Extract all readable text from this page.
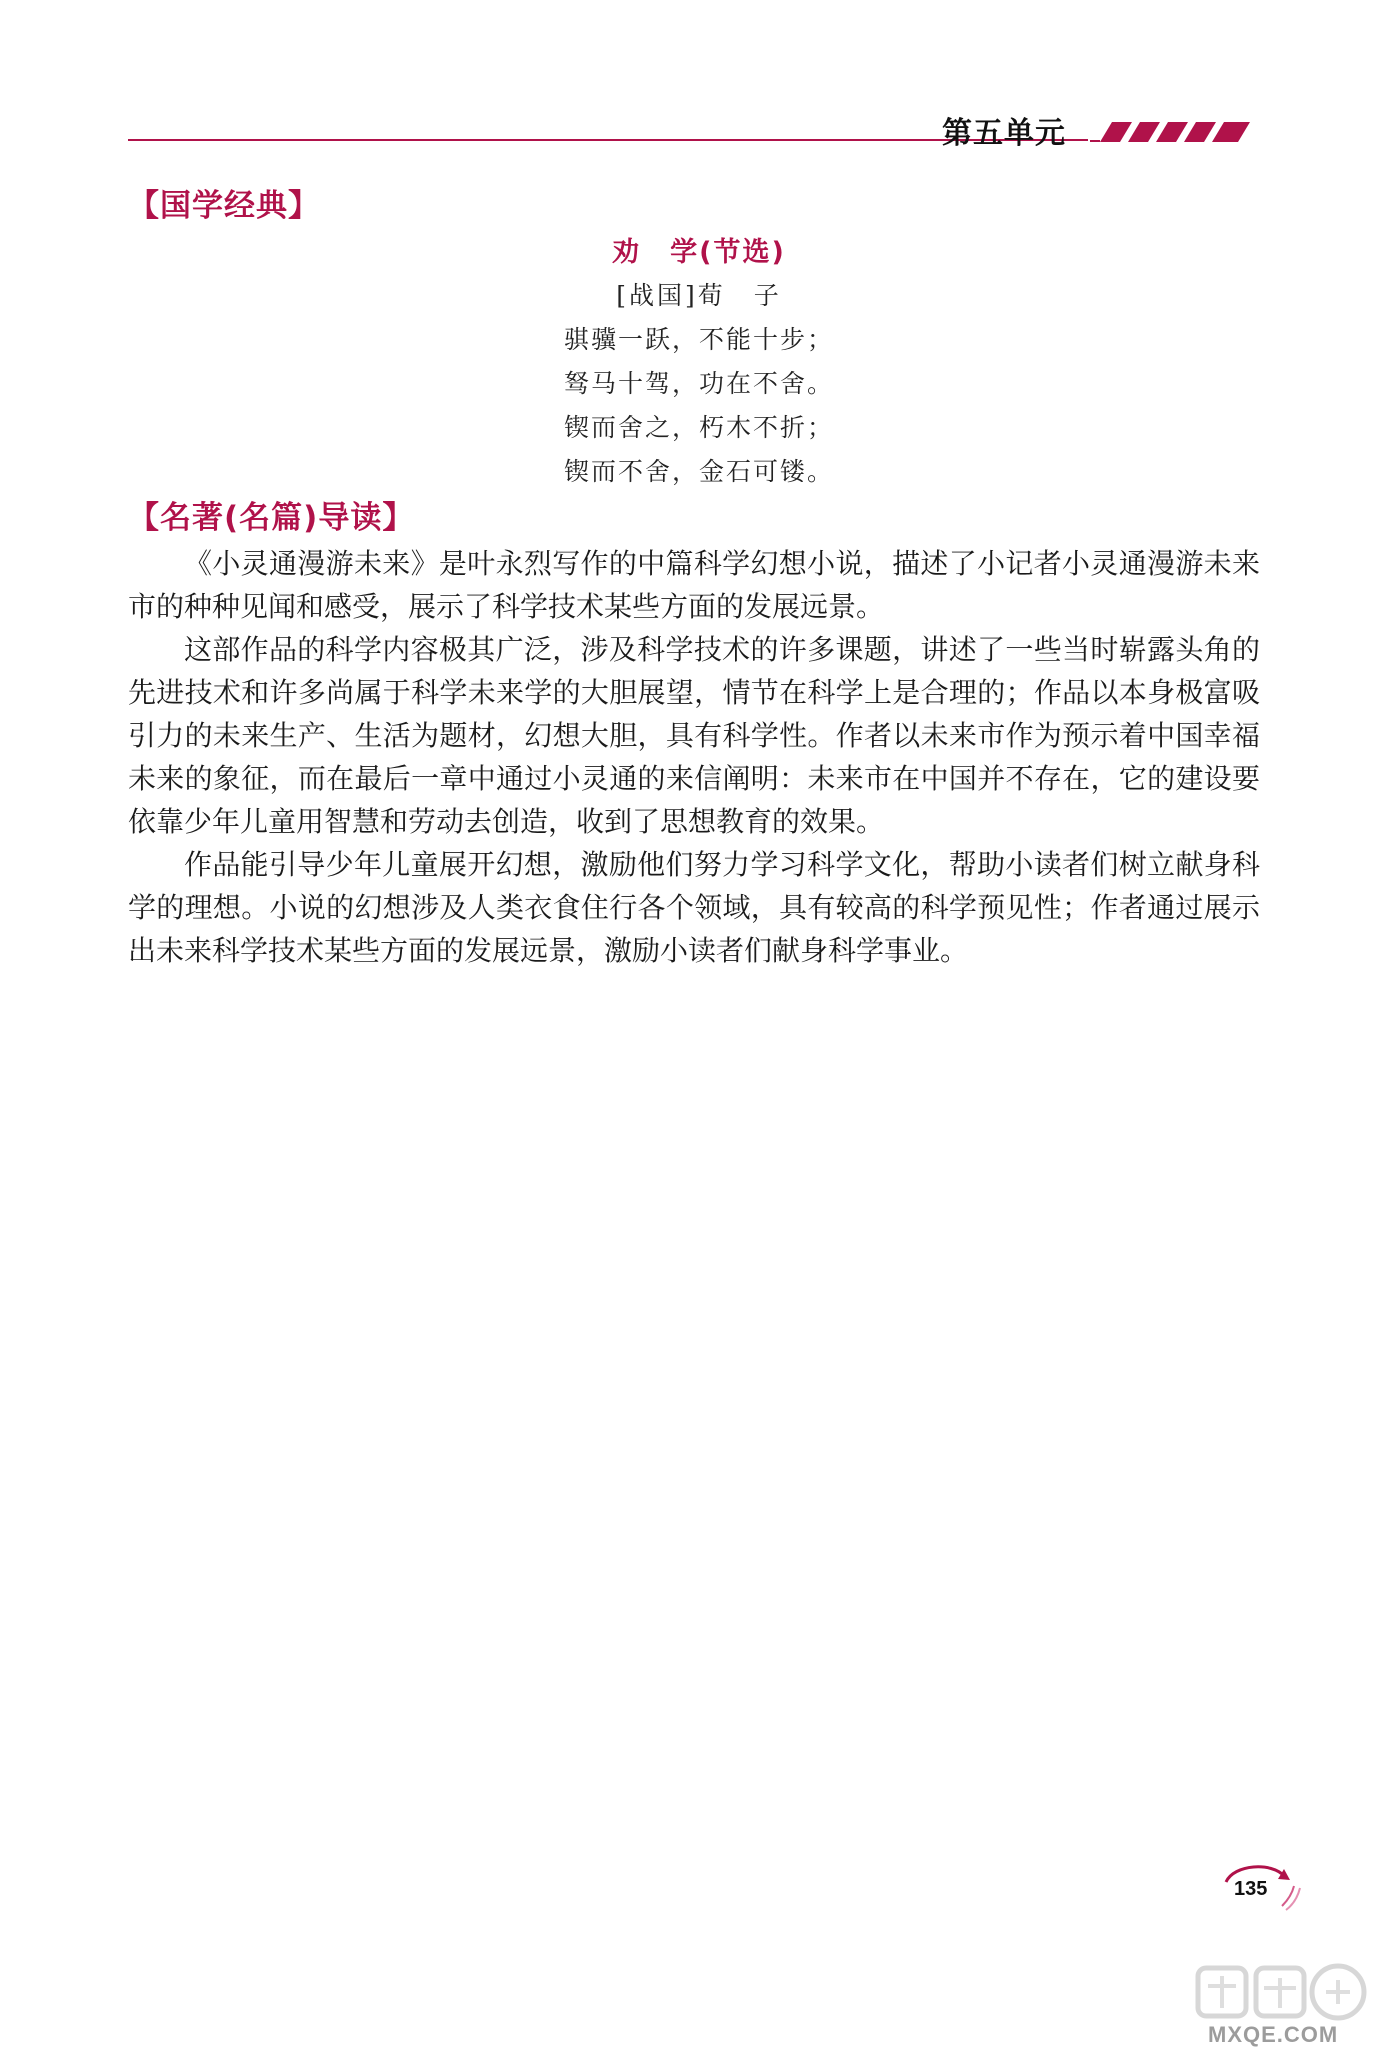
第五单元
【国学经典】
劝　学(节选)
[战国]荀　子
骐骥一跃，不能十步；
驽马十驾，功在不舍。
锲而舍之，朽木不折；
锲而不舍，金石可镂。
【名著(名篇)导读】

《小灵通漫游未来》是叶永烈写作的中篇科学幻想小说，描述了小记者小灵通漫游未来市的种种见闻和感受，展示了科学技术某些方面的发展远景。

这部作品的科学内容极其广泛，涉及科学技术的许多课题，讲述了一些当时崭露头角的先进技术和许多尚属于科学未来学的大胆展望，情节在科学上是合理的；作品以本身极富吸引力的未来生产、生活为题材，幻想大胆，具有科学性。作者以未来市作为预示着中国幸福未来的象征，而在最后一章中通过小灵通的来信阐明：未来市在中国并不存在，它的建设要依靠少年儿童用智慧和劳动去创造，收到了思想教育的效果。

作品能引导少年儿童展开幻想，激励他们努力学习科学文化，帮助小读者们树立献身科学的理想。小说的幻想涉及人类衣食住行各个领域，具有较高的科学预见性；作者通过展示出未来科学技术某些方面的发展远景，激励小读者们献身科学事业。

135
MXQE.COM
